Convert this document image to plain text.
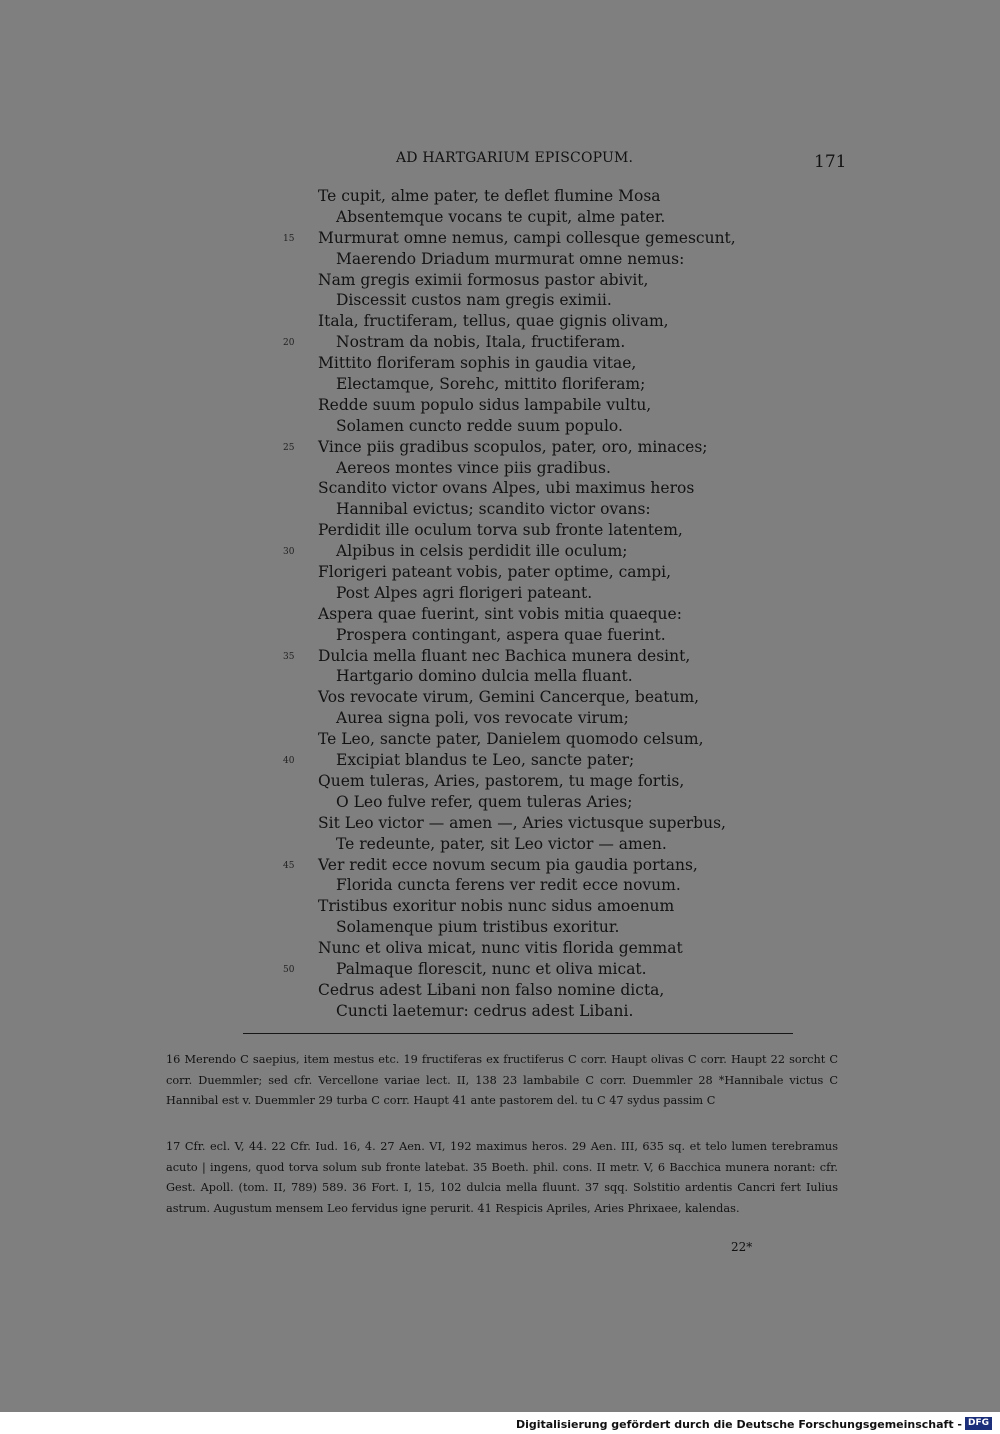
AD HARTGARIUM EPISCOPUM.	171
Te cupit, alme pater, te deflet flumine Mosa
Absentemque vocans te cupit, alme pater.
15 Murmurat omne nemus, campi collesque gemescunt,
Maerendo Driadum murmurat omne nemus:
Nam gregis eximii formosus pastor abivit,
Discessit custos nam gregis eximii.
Itala, fructiferam, tellus, quae gignis olivam,
20	Nostram da nobis, Itala, fructiferam.
Mittito floriferam sophis in gaudia vitae,
Electamque, Sorehc, mittito floriferam;
Redde suum populo sidus lampabile vultu,
Solamen cuncto redde suum populo.
25 Vince piis gradibus scopulos, pater, oro, minaces;
Aereos montes vince piis gradibus.
Scandito victor ovans Alpes, ubi maximus heros
Hannibal evictus; scandito victor ovans:
Perdidit ille oculum torva sub fronte latentem,
30	Alpibus in celsis perdidit ille oculum;
Florigeri pateant vobis, pater optime, campi,
Post Alpes agri florigeri pateant.
Aspera quae fuerint, sint vobis mitia quaeque:
Prospera contingant, aspera quae fuerint.
35 Dulcia mella fluant nec Bachica munera desint,
Hartgario domino dulcia mella fluant.
Vos revocate virum, Gemini Cancerque, beatum,
Aurea signa poli, vos revocate virum;
Te Leo, sancte pater, Danielem quomodo celsum,
40	Excipiat blandus te Leo, sancte pater;
Quem tuleras, Aries, pastorem, tu mage fortis,
O Leo fulve refer, quem tuleras Aries;
Sit Leo victor — amen —, Aries victusque superbus,
Te redeunte, pater, sit Leo victor — amen.
45 Ver redit ecce novum secum pia gaudia portans,
Florida cuncta ferens ver redit ecce novum.
Tristibus exoritur nobis nunc sidus amoenum
Solamenque pium tristibus exoritur.
Nunc et oliva micat, nunc vitis florida gemmat
50	Palmaque florescit, nunc et oliva micat.
Cedrus adest Libani non falso nomine dicta,
Cuncti laetemur: cedrus adest Libani.
16 Merendo C saepius, item mestus etc. 19 fructiferas ex fructiferus C corr. Haupt olivas C corr. Haupt 22 sorcht C corr. Duemmler; sed cfr. Vercellone variae lect. II, 138 23 lambabile C corr. Duemmler 28 *Hannibale victus C Hannibal est v. Duemmler 29 turba C corr. Haupt 41 ante pastorem del. tu C 47 sydus passim C
17 Cfr. ecl. V, 44. 22 Cfr. Iud. 16, 4. 27 Aen. VI, 192 maximus heros. 29 Aen. III, 635 sq. et telo lumen terebramus acuto | ingens, quod torva solum sub fronte latebat. 35 Boeth. phil. cons. II metr. V, 6 Bacchica munera norant: cfr. Gest. Apoll. (tom. II, 789) 589. 36 Fort. I, 15, 102 dulcia mella fluunt. 37 sqq. Solstitio ardentis Cancri fert Iulius astrum. Augustum mensem Leo fervidus igne perurit. 41 Respicis Apriles, Aries Phrixaee, kalendas.
22*
Digitalisierung gefördert durch die Deutsche Forschungsgemeinschaft - DFG
